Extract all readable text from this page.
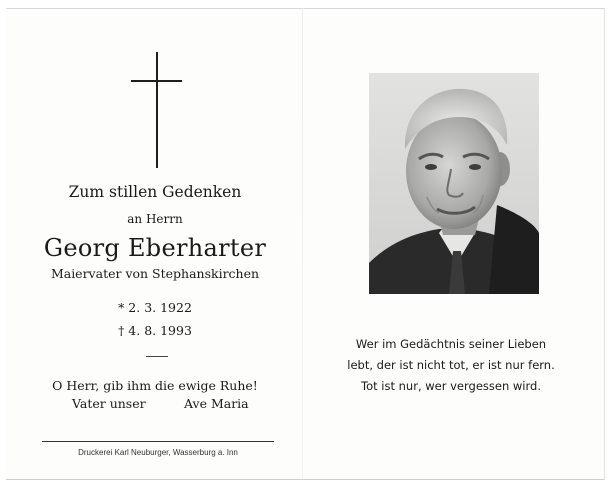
Zum stillen Gedenken
an Herrn
Georg Eberharter
Maiervater von Stephanskirchen
* 2. 3. 1922
† 4. 8. 1993
O Herr, gib ihm die ewige Ruhe!
Vater unser	Ave Maria
Druckerei Karl Neuburger, Wasserburg a. Inn
Wer im Gedächtnis seiner Lieben
lebt, der ist nicht tot, er ist nur fern.
Tot ist nur, wer vergessen wird.
